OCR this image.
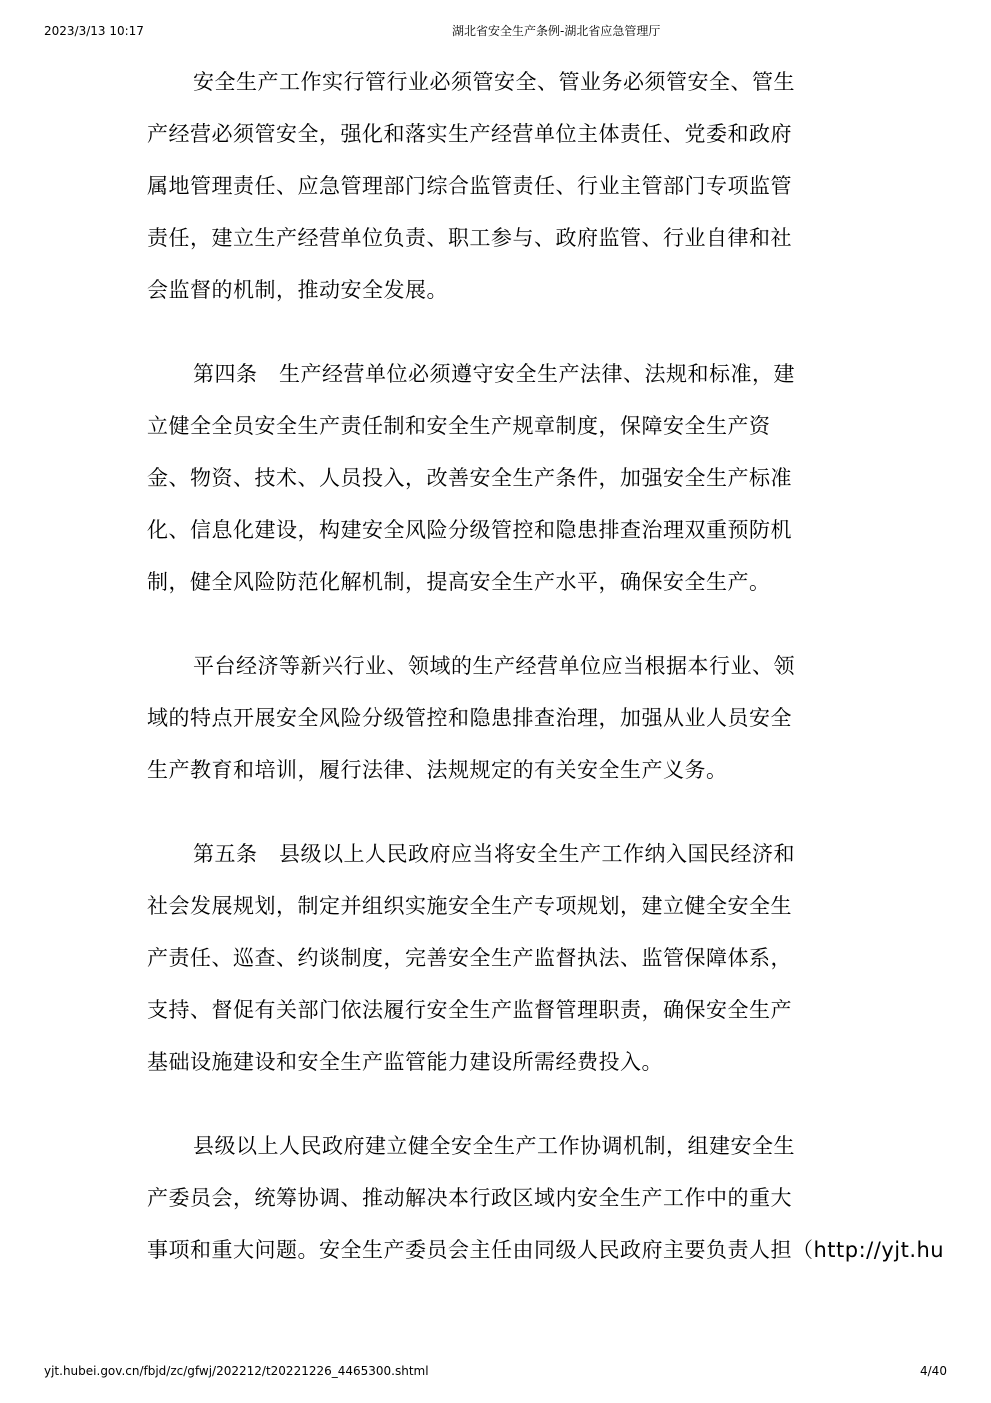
2023/3/13 10:17	湖北省安全生产条例-湖北省应急管理厅
安全生产工作实行管行业必须管安全、管业务必须管安全、管生
产经营必须管安全，强化和落实生产经营单位主体责任、党委和政府
属地管理责任、应急管理部门综合监管责任、行业主管部门专项监管
责任，建立生产经营单位负责、职工参与、政府监管、行业自律和社
会监督的机制，推动安全发展。
第四条　生产经营单位必须遵守安全生产法律、法规和标准，建
立健全全员安全生产责任制和安全生产规章制度，保障安全生产资
金、物资、技术、人员投入，改善安全生产条件，加强安全生产标准
化、信息化建设，构建安全风险分级管控和隐患排查治理双重预防机
制，健全风险防范化解机制，提高安全生产水平，确保安全生产。
平台经济等新兴行业、领域的生产经营单位应当根据本行业、领
域的特点开展安全风险分级管控和隐患排查治理，加强从业人员安全
生产教育和培训，履行法律、法规规定的有关安全生产义务。
第五条　县级以上人民政府应当将安全生产工作纳入国民经济和
社会发展规划，制定并组织实施安全生产专项规划，建立健全安全生
产责任、巡查、约谈制度，完善安全生产监督执法、监管保障体系，
支持、督促有关部门依法履行安全生产监督管理职责，确保安全生产
基础设施建设和安全生产监管能力建设所需经费投入。
县级以上人民政府建立健全安全生产工作协调机制，组建安全生
产委员会，统筹协调、推动解决本行政区域内安全生产工作中的重大
事项和重大问题。安全生产委员会主任由同级人民政府主要负责人担（http://yjt.hu
yjt.hubei.gov.cn/fbjd/zc/gfwj/202212/t20221226_4465300.shtml	4/40
